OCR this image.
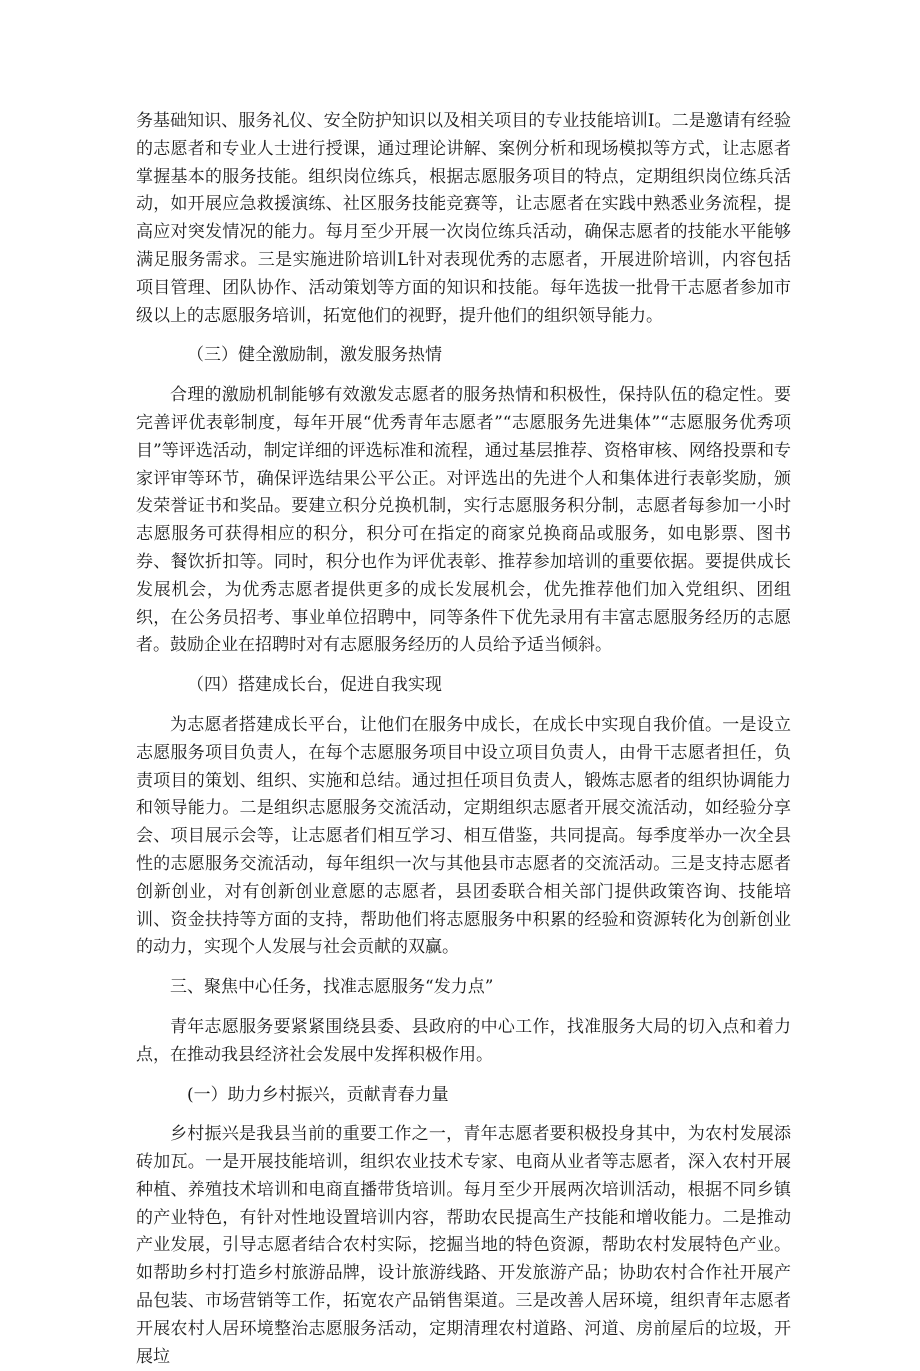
务基础知识、服务礼仪、安全防护知识以及相关项目的专业技能培训I。二是邀请有经验的志愿者和专业人士进行授课，通过理论讲解、案例分析和现场模拟等方式，让志愿者掌握基本的服务技能。组织岗位练兵，根据志愿服务项目的特点，定期组织岗位练兵活动，如开展应急救援演练、社区服务技能竞赛等，让志愿者在实践中熟悉业务流程，提高应对突发情况的能力。每月至少开展一次岗位练兵活动，确保志愿者的技能水平能够满足服务需求。三是实施进阶培训L针对表现优秀的志愿者，开展进阶培训，内容包括项目管理、团队协作、活动策划等方面的知识和技能。每年选拔一批骨干志愿者参加市级以上的志愿服务培训，拓宽他们的视野，提升他们的组织领导能力。

（三）健全激励制，激发服务热情

合理的激励机制能够有效激发志愿者的服务热情和积极性，保持队伍的稳定性。要完善评优表彰制度，每年开展“优秀青年志愿者”“志愿服务先进集体”“志愿服务优秀项目”等评选活动，制定详细的评选标准和流程，通过基层推荐、资格审核、网络投票和专家评审等环节，确保评选结果公平公正。对评选出的先进个人和集体进行表彰奖励，颁发荣誉证书和奖品。要建立积分兑换机制，实行志愿服务积分制，志愿者每参加一小时志愿服务可获得相应的积分，积分可在指定的商家兑换商品或服务，如电影票、图书券、餐饮折扣等。同时，积分也作为评优表彰、推荐参加培训的重要依据。要提供成长发展机会，为优秀志愿者提供更多的成长发展机会，优先推荐他们加入党组织、团组织，在公务员招考、事业单位招聘中，同等条件下优先录用有丰富志愿服务经历的志愿者。鼓励企业在招聘时对有志愿服务经历的人员给予适当倾斜。

（四）搭建成长台，促进自我实现

为志愿者搭建成长平台，让他们在服务中成长，在成长中实现自我价值。一是设立志愿服务项目负责人，在每个志愿服务项目中设立项目负责人，由骨干志愿者担任，负责项目的策划、组织、实施和总结。通过担任项目负责人，锻炼志愿者的组织协调能力和领导能力。二是组织志愿服务交流活动，定期组织志愿者开展交流活动，如经验分享会、项目展示会等，让志愿者们相互学习、相互借鉴，共同提高。每季度举办一次全县性的志愿服务交流活动，每年组织一次与其他县市志愿者的交流活动。三是支持志愿者创新创业，对有创新创业意愿的志愿者，县团委联合相关部门提供政策咨询、技能培训、资金扶持等方面的支持，帮助他们将志愿服务中积累的经验和资源转化为创新创业的动力，实现个人发展与社会贡献的双赢。

三、聚焦中心任务，找准志愿服务“发力点”

青年志愿服务要紧紧围绕县委、县政府的中心工作，找准服务大局的切入点和着力点，在推动我县经济社会发展中发挥积极作用。

(一）助力乡村振兴，贡献青春力量

乡村振兴是我县当前的重要工作之一，青年志愿者要积极投身其中，为农村发展添砖加瓦。一是开展技能培训，组织农业技术专家、电商从业者等志愿者，深入农村开展种植、养殖技术培训和电商直播带货培训。每月至少开展两次培训活动，根据不同乡镇的产业特色，有针对性地设置培训内容，帮助农民提高生产技能和增收能力。二是推动产业发展，引导志愿者结合农村实际，挖掘当地的特色资源，帮助农村发展特色产业。如帮助乡村打造乡村旅游品牌，设计旅游线路、开发旅游产品；协助农村合作社开展产品包装、市场营销等工作，拓宽农产品销售渠道。三是改善人居环境，组织青年志愿者开展农村人居环境整治志愿服务活动，定期清理农村道路、河道、房前屋后的垃圾，开展垃
